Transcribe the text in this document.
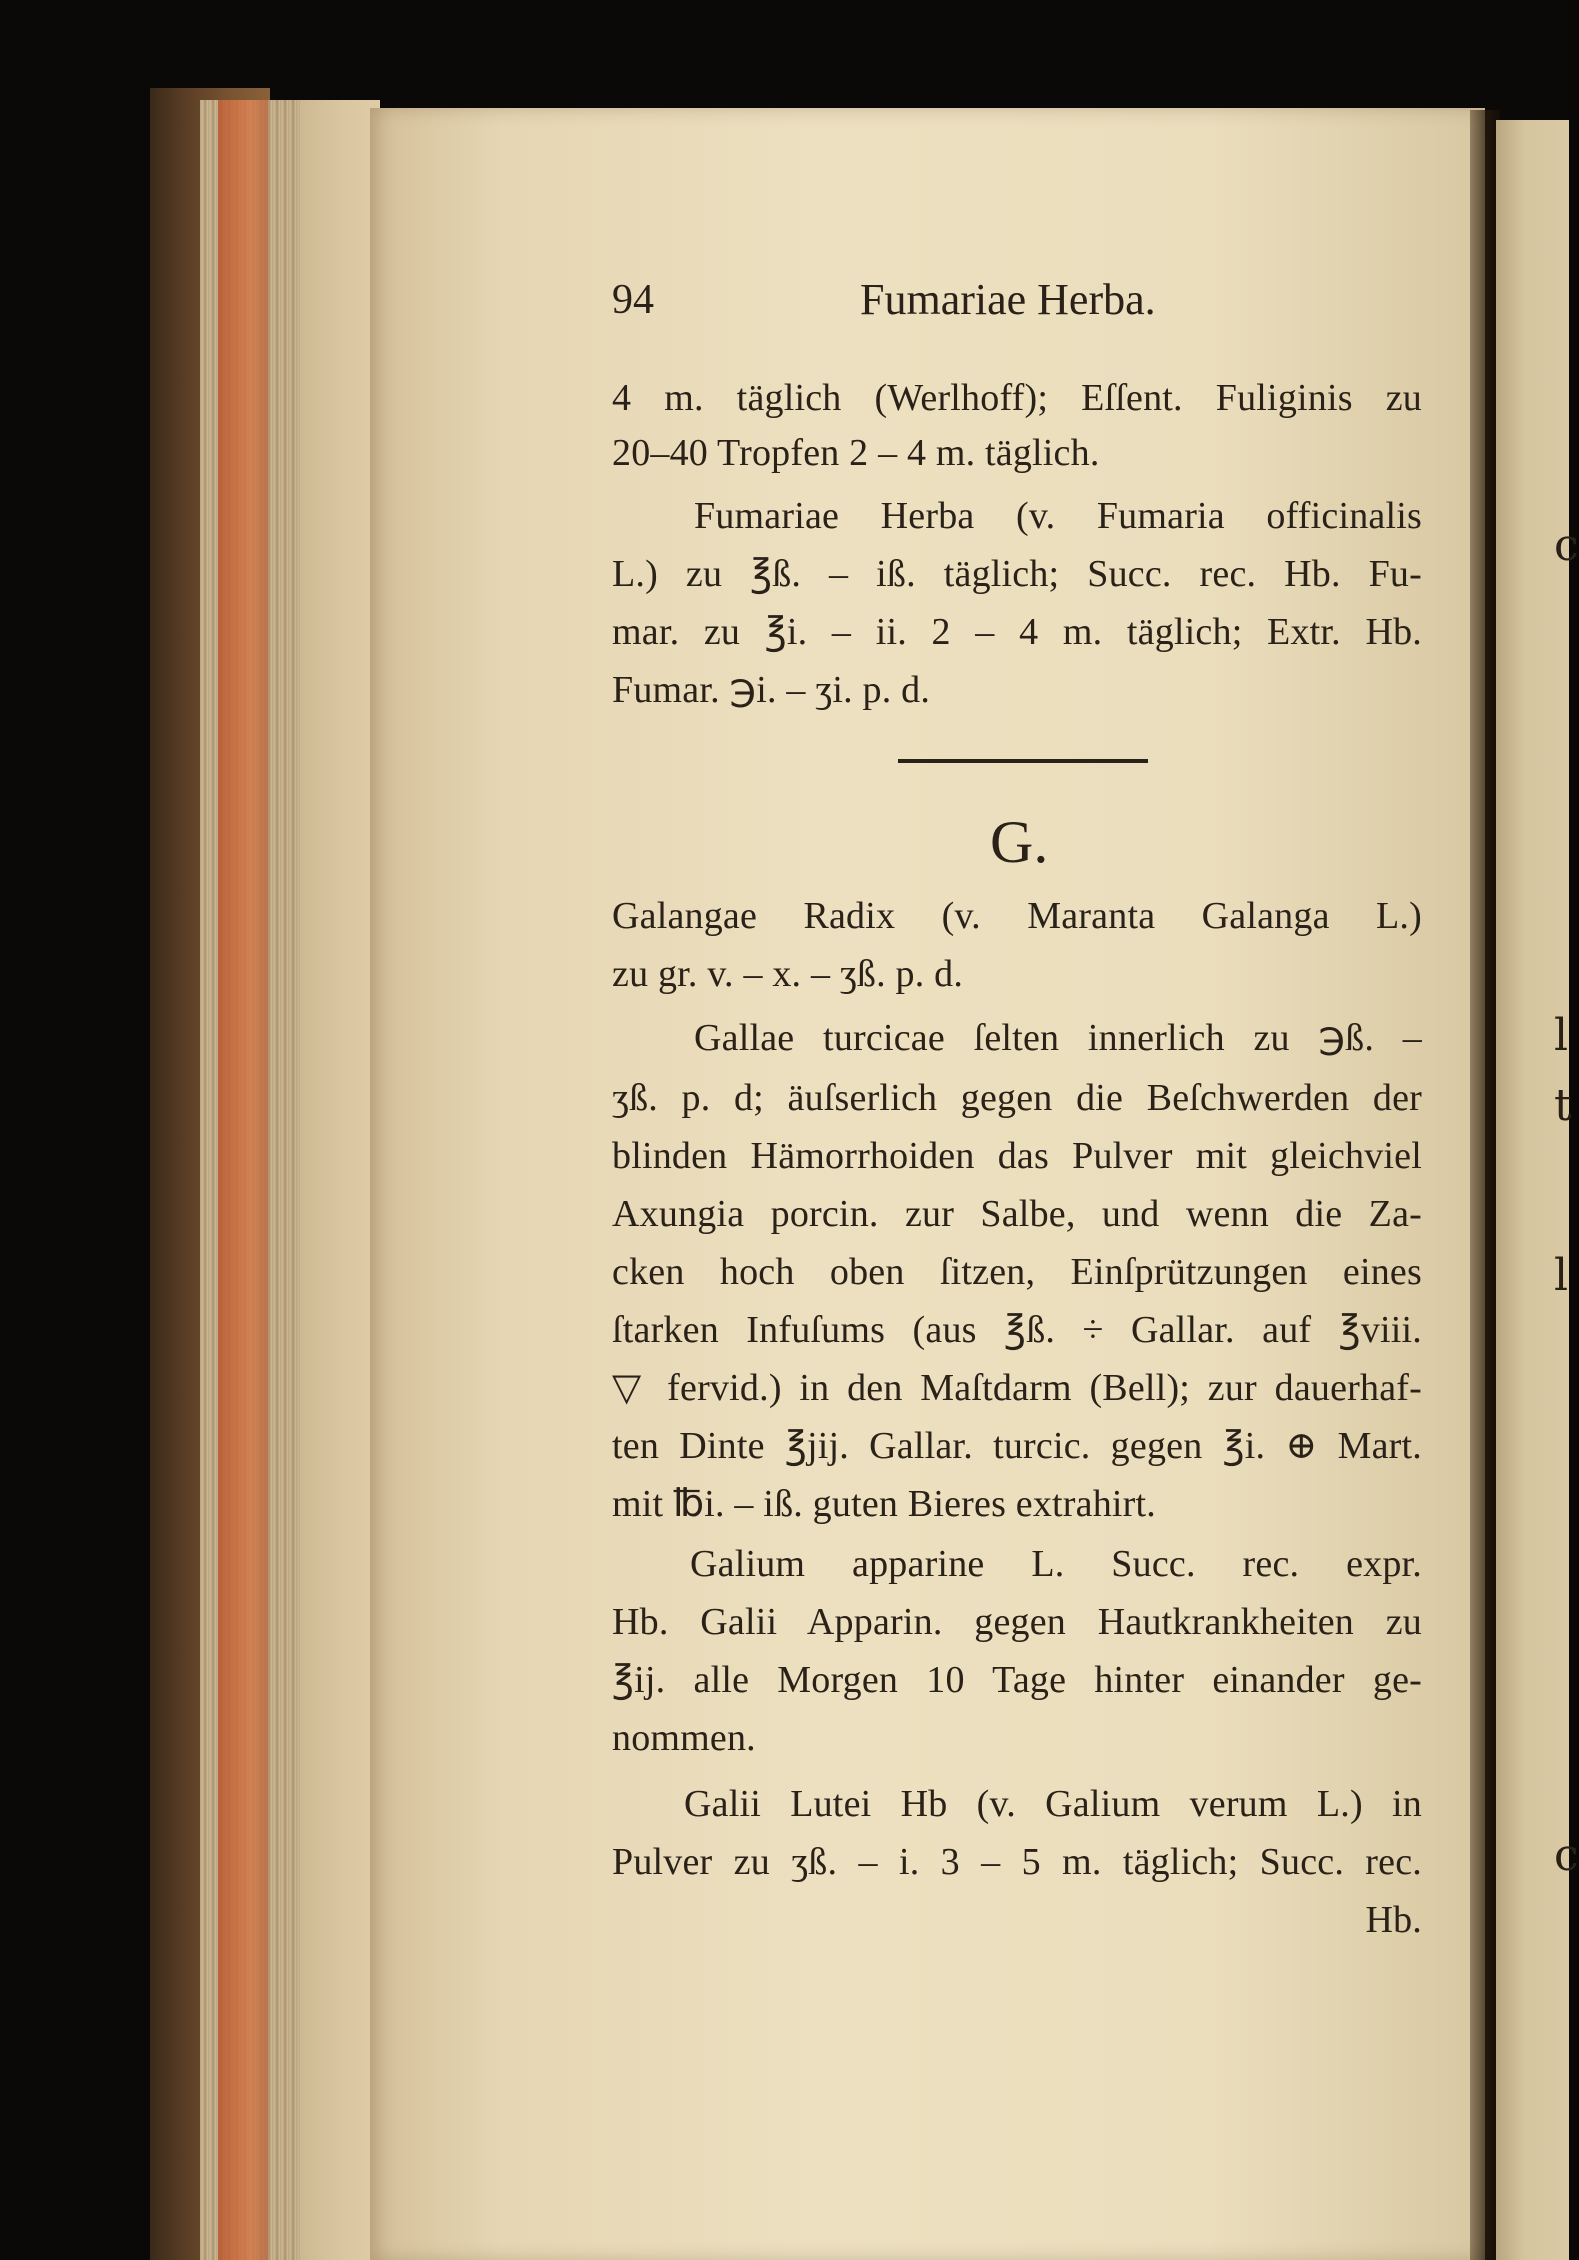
c
l
t
l
c
94	Fumariae Herba.
4 m. täglich (Werlhoff); Eſſent. Fuliginis zu
20–40 Tropfen 2 – 4 m. täglich.
Fumariae Herba (v. Fumaria officinalis
L.) zu ℥ß. – iß. täglich; Succ. rec. Hb. Fu-
mar. zu ℥i. – ii. 2 – 4 m. täglich; Extr. Hb.
Fumar. ℈i. – ʒi. p. d.
G.
Galangae Radix (v. Maranta Galanga L.)
zu gr. v. – x. – ʒß. p. d.
Gallae turcicae ſelten innerlich zu ℈ß. –
ʒß. p. d; äuſserlich gegen die Beſchwerden der
blinden Hämorrhoiden das Pulver mit gleichviel
Axungia porcin. zur Salbe, und wenn die Za-
cken hoch oben ſitzen, Einſprützungen eines
ſtarken Infuſums (aus ℥ß. ÷ Gallar. auf ℥viii.
▽ fervid.) in den Maſtdarm (Bell); zur dauerhaf-
ten Dinte ℥jij. Gallar. turcic. gegen ℥i. ⊕ Mart.
mit ℔i. – iß. guten Bieres extrahirt.
Galium apparine L. Succ. rec. expr.
Hb. Galii Apparin. gegen Hautkrankheiten zu
℥ij. alle Morgen 10 Tage hinter einander ge-
nommen.
Galii Lutei Hb (v. Galium verum L.) in
Pulver zu ʒß. – i. 3 – 5 m. täglich; Succ. rec.
Hb.
